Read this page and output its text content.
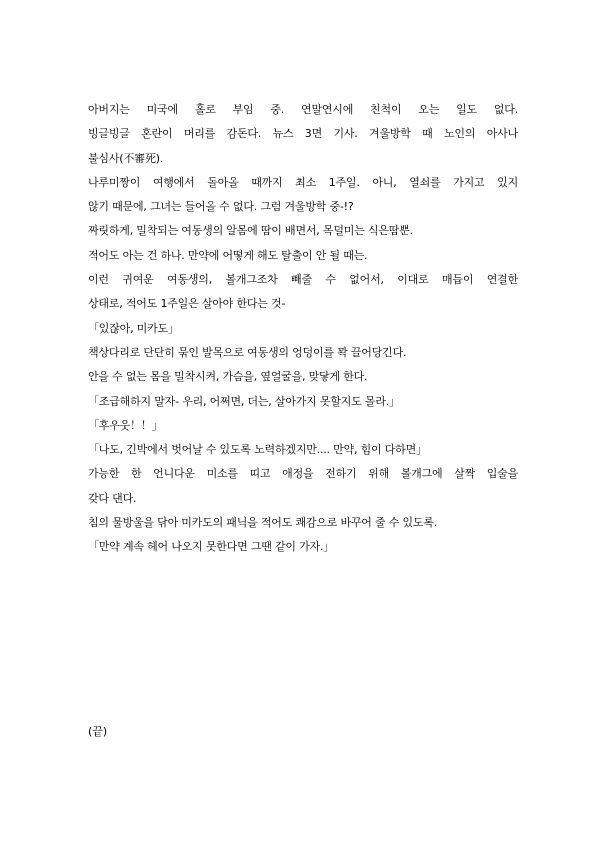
아버지는 미국에 홀로 부임 중. 연말연시에 친척이 오는 일도 없다.

빙글빙글 혼란이 머리를 감돈다. 뉴스 3면 기사. 겨울방학 때 노인의 아사나

불심사(不審死).

나루미짱이 여행에서 돌아올 때까지 최소 1주일. 아니, 열쇠를 가지고 있지

않기 때문에, 그녀는 들어올 수 없다. 그럼 겨울방학 중-!?

짜릿하게, 밀착되는 여동생의 알몸에 땀이 배면서, 목덜미는 식은땀뿐.

적어도 아는 건 하나. 만약에 어떻게 해도 탈출이 안 될 때는.

이런 귀여운 여동생의, 볼개그조차 빼줄 수 없어서, 이대로 매듭이 연결한

상태로, 적어도 1주일은 살아야 한다는 것-

「있잖아, 미카도」

책상다리로 단단히 묶인 발목으로 여동생의 엉덩이를 꽉 끌어당긴다.

안을 수 없는 몸을 밀착시켜, 가슴을, 옆얼굴을, 맞닿게 한다.

「조급해하지 말자- 우리, 어쩌면, 더는, 살아가지 못할지도 몰라.」

「후우웃！！」

「나도, 긴박에서 벗어날 수 있도록 노력하겠지만.... 만약, 힘이 다하면」

가능한 한 언니다운 미소를 띠고 애정을 전하기 위해 볼개그에 살짝 입술을

갖다 댄다.

침의 물방울을 닦아 미카도의 패닉을 적어도 쾌감으로 바꾸어 줄 수 있도록.

「만약 계속 헤어 나오지 못한다면 그땐 같이 가자.」

(끝)
